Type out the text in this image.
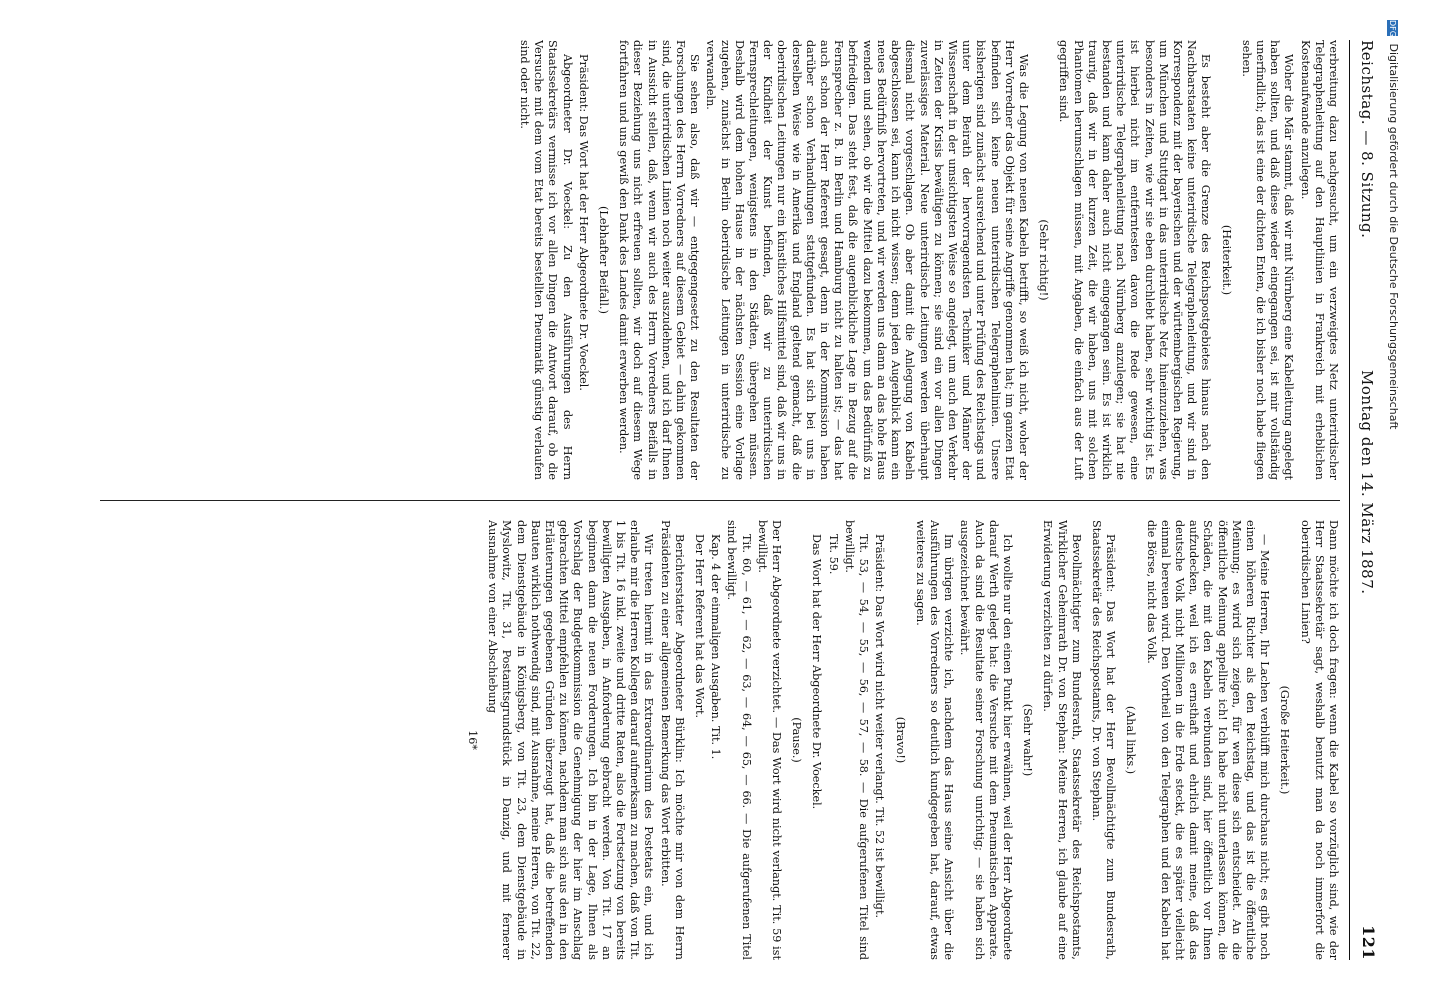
Reichstag. — 8. Sitzung.
Montag den 14. März 1887.
121

verbreitung dazu nachgesucht, um ein verzweigtes Netz unterirdischer Telegraphenleitung auf den Hauptlinien in Frankreich mit erheblichen Kostenaufwande anzulegen.

Woher die Mär stammt, daß wir mit Nürnberg eine Kabelleitung angelegt haben sollten, und daß diese wieder eingegangen sei, ist mir vollständig unerfindlich; das ist eine der dichten Enten, die ich bisher noch habe fliegen sehen.

(Heiterkeit.)

Es besteht aber die Grenze des Reichspostgebietes hinaus nach den Nachbarstaaten keine unterirdische Telegraphenleitung, und wir sind in Korrespondenz mit der bayerischen und der württembergischen Regierung, um München und Stuttgart in das unterirdische Netz hineinzuziehen, was besonders in Zeiten, wie wir sie eben durchlebt haben, sehr wichtig ist. Es ist hierbei nicht im entferntesten davon die Rede gewesen, eine unterirdische Telegraphenleitung nach Nürnberg anzulegen; sie hat nie bestanden und kann daher auch nicht eingegangen sein. Es ist wirklich traurig, daß wir in der kurzen Zeit, die wir haben, uns mit solchen Phantomen herumschlagen müssen, mit Angaben, die einfach aus der Luft gegriffen sind.

(Sehr richtig!)

Was die Legung von neuen Kabeln betrifft, so weiß ich nicht, woher der Herr Vorredner das Objekt für seine Angriffe genommen hat; im ganzen Etat befinden sich keine neuen unterirdischen Telegraphenlinien. Unsere bisherigen sind zunächst ausreichend und unter Prüfung des Reichstags und unter dem Beirath der hervorragendsten Techniker und Männer der Wissenschaft in der umsichtigsten Weise so angelegt, um auch den Verkehr in Zeiten der Krisis bewältigen zu können; sie sind ein vor allen Dingen zuverlässiges Material. Neue unterirdische Leitungen werden überhaupt diesmal nicht vorgeschlagen. Ob aber damit die Anlegung von Kabeln abgeschlossen sei, kann ich nicht wissen; denn jeden Augenblick kann ein neues Bedürfniß hervortreten, und wir werden uns dann an das hohe Haus wenden und sehen, ob wir die Mittel dazu bekommen, um das Bedürfniß zu befriedigen. Das steht fest, daß die augenblickliche Lage in Bezug auf die Fernsprecher z. B. in Berlin und Hamburg nicht zu halten ist; — das hat auch schon der Herr Referent gesagt, denn in der Kommission haben darüber schon Verhandlungen stattgefunden. Es hat sich bei uns in derselben Weise wie in Amerika und England geltend gemacht, daß die oberirdischen Leitungen nur ein künstliches Hilfsmittel sind, daß wir uns in der Kindheit der Kunst befinden, daß wir zu unterirdischen Fernsprechleitungen, wenigstens in den Städten, übergehen müssen. Deshalb wird dem hohen Hause in der nächsten Session eine Vorlage zugehen, zunächst in Berlin oberirdische Leitungen in unterirdische zu verwandeln.

Sie sehen also, daß wir — entgegengesetzt zu den Resultaten der Forschungen des Herrn Vorredners auf diesem Gebiet — dahin gekommen sind, die unterirdischen Linien noch weiter auszudehnen, und ich darf Ihnen in Aussicht stellen, daß, wenn wir auch des Herrn Vorredners Beifalls in dieser Beziehung uns nicht erfreuen sollten, wir doch auf diesem Wege fortfahren und uns gewiß den Dank des Landes damit erwerben werden.

(Lebhafter Beifall.)

Präsident: Das Wort hat der Herr Abgeordnete Dr. Voeckel.

Abgeordneter Dr. Voeckel: Zu den Ausführungen des Herrn Staatssekretärs vermisse ich vor allen Dingen die Antwort darauf, ob die Versuche mit dem vom Etat bereits bestellten Pneumatik günstig verlaufen sind oder nicht.

Dann möchte ich doch fragen: wenn die Kabel so vorzüglich sind, wie der Herr Staatssekretär sagt, weshalb benutzt man da noch immerfort die oberirdischen Linien?

(Große Heiterkeit.)

— Meine Herren, Ihr Lachen verblüfft mich durchaus nicht; es gibt noch einen höheren Richter als den Reichstag, und das ist die öffentliche Meinung; es wird sich zeigen, für wen diese sich entscheidet. An die öffentliche Meinung appellire ich! Ich habe nicht unterlassen können, die Schäden, die mit den Kabeln verbunden sind, hier öffentlich vor Ihnen aufzudecken, weil ich es ernsthaft und ehrlich damit meine, daß das deutsche Volk nicht Millionen in die Erde steckt, die es später vielleicht einmal bereuen wird. Den Vortheil von den Telegraphen und den Kabeln hat die Börse, nicht das Volk.

(Ahal links.)

Präsident: Das Wort hat der Herr Bevollmächtigte zum Bundesrath, Staatssekretär des Reichspostamts, Dr. von Stephan.

Bevollmächtigter zum Bundesrath, Staatssekretär des Reichspostamts, Wirklicher Geheimrath Dr. von Stephan: Meine Herren, ich glaube auf eine Erwiderung verzichten zu dürfen.

(Sehr wahr!)

Ich wollte nur den einen Punkt hier erwähnen, weil der Herr Abgeordnete darauf Werth gelegt hat: die Versuche mit dem Pneumatischen Apparate. Auch da sind die Resultate seiner Forschung unrichtig; — sie haben sich ausgezeichnet bewährt.

Im übrigen verzichte ich, nachdem das Haus seine Ansicht über die Ausführungen des Vorredners so deutlich kundgegeben hat, darauf, etwas weiteres zu sagen.

(Bravo!)

Präsident: Das Wort wird nicht weiter verlangt. Tit. 52 ist bewilligt.

Tit. 53, — 54, — 55, — 56, — 57, — 58. — Die aufgerufenen Titel sind bewilligt.

Tit. 59.

Das Wort hat der Herr Abgeordnete Dr. Voeckel.

(Pause.)

Der Herr Abgeordnete verzichtet. — Das Wort wird nicht verlangt. Tit. 59 ist bewilligt.

Tit. 60, — 61, — 62, — 63, — 64, — 65, — 66. — Die aufgerufenen Titel sind bewilligt.

Kap. 4 der einmaligen Ausgaben. Tit. 1.

Der Herr Referent hat das Wort.

Berichterstatter Abgeordneter Bürklin: Ich möchte mir von dem Herrn Präsidenten zu einer allgemeinen Bemerkung das Wort erbitten.

Wir treten hiermit in das Extraordinarium des Postetats ein, und ich erlaube mir die Herren Kollegen darauf aufmerksam zu machen, daß von Tit. 1 bis Tit. 16 inkl. zweite und dritte Raten, also die Fortsetzung von bereits bewilligten Ausgaben, in Anforderung gebracht werden. Von Tit. 17 an beginnen dann die neuen Forderungen. Ich bin in der Lage, Ihnen als Vorschlag der Budgetkommission die Genehmigung der hier im Anschlag gebrachten Mittel empfehlen zu können, nachdem man sich aus den in den Erläuterungen gegebenen Gründen überzeugt hat, daß die betreffenden Bauten wirklich nothwendig sind, mit Ausnahme, meine Herren, von Tit. 22, dem Dienstgebäude in Königsberg, von Tit. 23, dem Dienstgebäude in Myslowitz, Tit. 31, Postamtsgrundstück in Danzig, und mit fernerer Ausnahme von einer Abschiebung

16*

DFG Digitalisierung gefördert durch die Deutsche Forschungsgemeinschaft
